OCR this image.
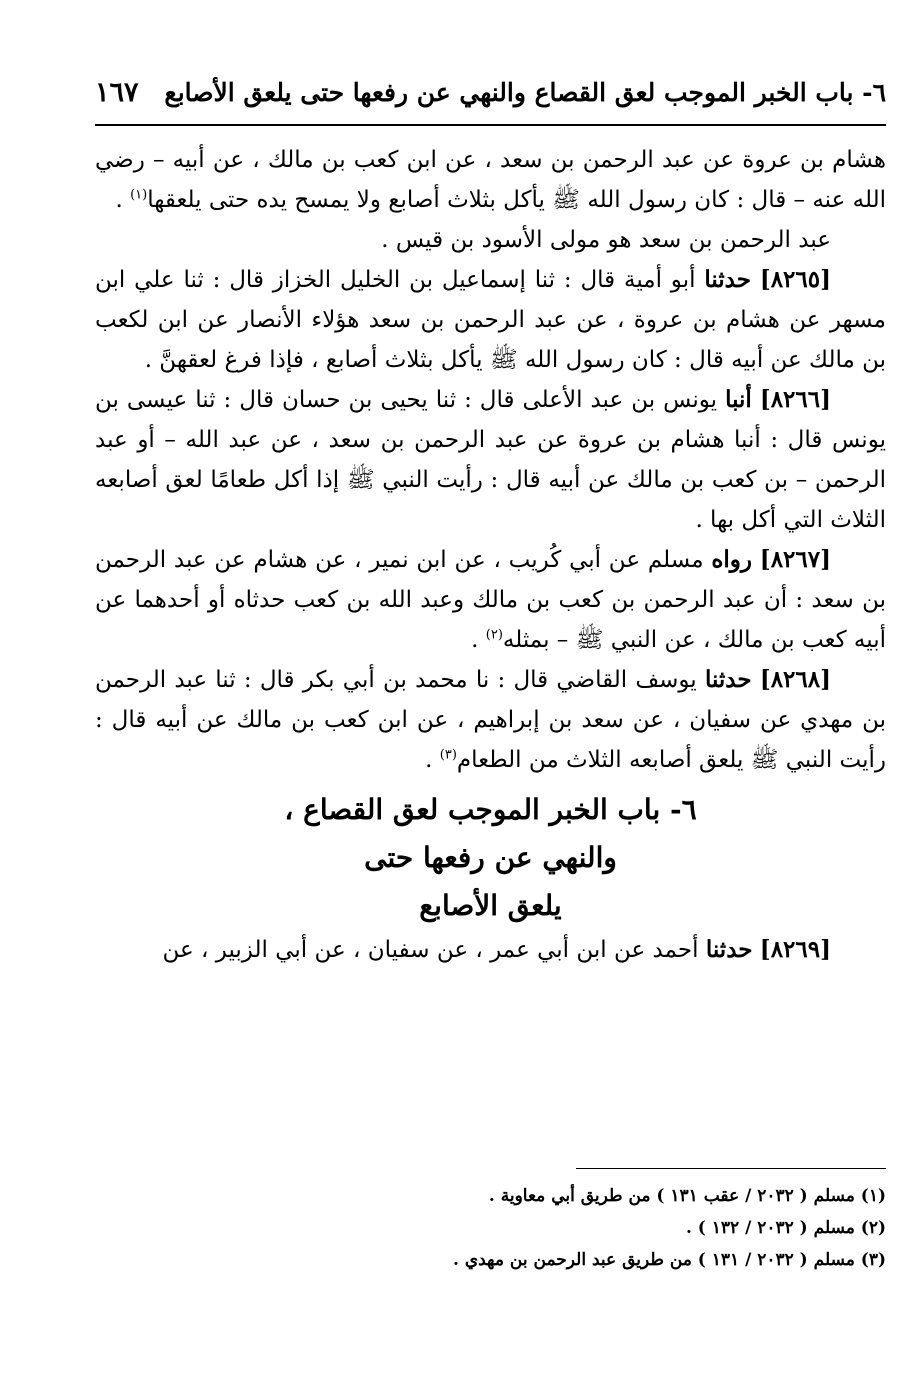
٦- باب الخبر الموجب لعق القصاع والنهي عن رفعها حتى يلعق الأصابع
١٦٧

هشام بن عروة عن عبد الرحمن بن سعد ، عن ابن كعب بن مالك ، عن أبيه – رضي الله عنه – قال : كان رسول الله ﷺ يأكل بثلاث أصابع ولا يمسح يده حتى يلعقها$^{(١)}$ .

عبد الرحمن بن سعد هو مولى الأسود بن قيس .

[٨٢٦٥] حدثنا أبو أمية قال : ثنا إسماعيل بن الخليل الخزاز قال : ثنا علي ابن مسهر عن هشام بن عروة ، عن عبد الرحمن بن سعد هؤلاء الأنصار عن ابن لكعب بن مالك عن أبيه قال : كان رسول الله ﷺ يأكل بثلاث أصابع ، فإذا فرغ لعقهنَّ .

[٨٢٦٦] أنبا يونس بن عبد الأعلى قال : ثنا يحيى بن حسان قال : ثنا عيسى بن يونس قال : أنبا هشام بن عروة عن عبد الرحمن بن سعد ، عن عبد الله – أو عبد الرحمن – بن كعب بن مالك عن أبيه قال : رأيت النبي ﷺ إذا أكل طعامًا لعق أصابعه الثلاث التي أكل بها .

[٨٢٦٧] رواه مسلم عن أبي كُريب ، عن ابن نمير ، عن هشام عن عبد الرحمن بن سعد : أن عبد الرحمن بن كعب بن مالك وعبد الله بن كعب حدثاه أو أحدهما عن أبيه كعب بن مالك ، عن النبي ﷺ – بمثله$^{(٢)}$ .

[٨٢٦٨] حدثنا يوسف القاضي قال : نا محمد بن أبي بكر قال : ثنا عبد الرحمن بن مهدي عن سفيان ، عن سعد بن إبراهيم ، عن ابن كعب بن مالك عن أبيه قال : رأيت النبي ﷺ يلعق أصابعه الثلاث من الطعام$^{(٣)}$ .

٦- باب الخبر الموجب لعق القصاع ،
والنهي عن رفعها حتى
يلعق الأصابع

[٨٢٦٩] حدثنا أحمد عن ابن أبي عمر ، عن سفيان ، عن أبي الزبير ، عن

(١) مسلم ( ٢٠٣٢ / عقب ١٣١ ) من طريق أبي معاوية .

(٢) مسلم ( ٢٠٣٢ / ١٣٢ ) .

(٣) مسلم ( ٢٠٣٢ / ١٣١ ) من طريق عبد الرحمن بن مهدي .
